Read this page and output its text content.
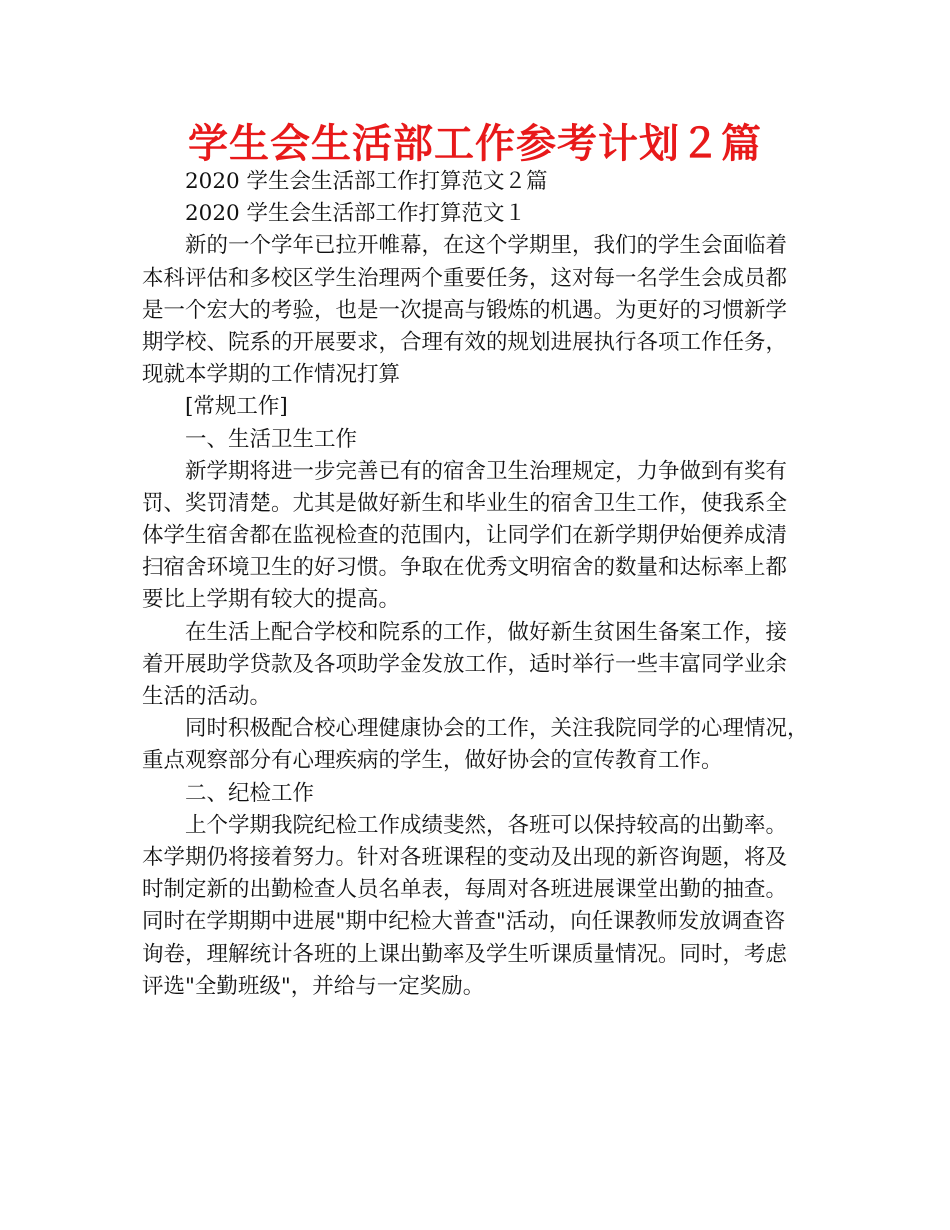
学生会生活部工作参考计划２篇

2020 学生会生活部工作打算范文２篇

2020 学生会生活部工作打算范文１

新的一个学年已拉开帷幕，在这个学期里，我们的学生会面临着

本科评估和多校区学生治理两个重要任务，这对每一名学生会成员都

是一个宏大的考验，也是一次提高与锻炼的机遇。为更好的习惯新学

期学校、院系的开展要求，合理有效的规划进展执行各项工作任务，

现就本学期的工作情况打算

[常规工作]

一、生活卫生工作

新学期将进一步完善已有的宿舍卫生治理规定，力争做到有奖有

罚、奖罚清楚。尤其是做好新生和毕业生的宿舍卫生工作，使我系全

体学生宿舍都在监视检查的范围内，让同学们在新学期伊始便养成清

扫宿舍环境卫生的好习惯。争取在优秀文明宿舍的数量和达标率上都

要比上学期有较大的提高。

在生活上配合学校和院系的工作，做好新生贫困生备案工作，接

着开展助学贷款及各项助学金发放工作，适时举行一些丰富同学业余

生活的活动。

同时积极配合校心理健康协会的工作，关注我院同学的心理情况，

重点观察部分有心理疾病的学生，做好协会的宣传教育工作。

二、纪检工作

上个学期我院纪检工作成绩斐然，各班可以保持较高的出勤率。

本学期仍将接着努力。针对各班课程的变动及出现的新咨询题，将及

时制定新的出勤检查人员名单表，每周对各班进展课堂出勤的抽查。

同时在学期期中进展"期中纪检大普查"活动，向任课教师发放调查咨

询卷，理解统计各班的上课出勤率及学生听课质量情况。同时，考虑

评选"全勤班级"，并给与一定奖励。
